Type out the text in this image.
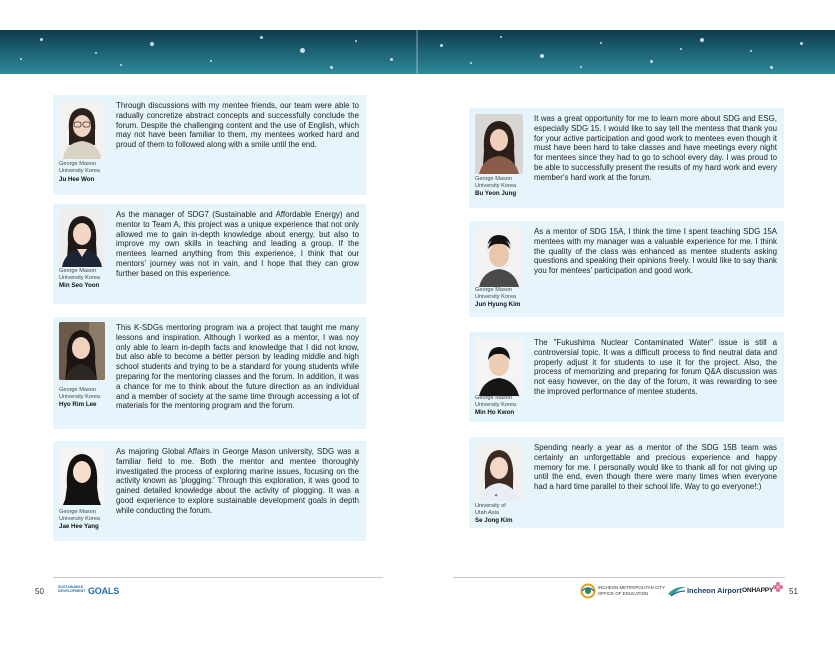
George Mason University Korea
Ju Hee Won
Through discussions with my mentee friends, our team were able to radually concretize abstract concepts and successfully conclude the forum. Despite the challenging content and the use of English, which may not have been familiar to them, my mentees worked hard and proud of them to followed along with a smile until the end.
George Mason University Korea
Min Seo Yoon
As the manager of SDG7 (Sustainable and Affordable Energy) and mentor to Team A, this project was a unique experience that not only allowed me to gain in-depth knowledge about energy, but also to improve my own skills in teaching and leading a group. If the mentees learned anything from this experience, I think that our mentors' journey was not in vain, and I hope that they can grow further based on this experience.
George Mason University Korea
Hyo Rim Lee
This K-SDGs mentoring program wa a project that taught me many lessons and inspiration. Although I worked as a mentor, I was noy only able to learn in-depth facts and knowledge that I did not know, but also able to become a better person by leading middle and high school students and trying to be a standard for young students while preparing for the mentoring classes and the forum. In addition, it was a chance for me to think about the future direction as an individual and a member of society at the same time through accessing a lot of materials for the mentoring program and the forum.
George Mason University Korea
Jae Hee Yang
As majoring Global Affairs in George Mason university, SDG was a familiar field to me. Both the mentor and mentee thoroughly investigated the process of exploring marine issues, focusing on the activity known as 'plogging.' Through this exploration, it was good to gained detailed knowledge about the activity of plogging. It was a good experience to explore sustainable development goals in depth while conducting the forum.
George Mason University Korea
Bu Yeon Jung
It was a great opportunity for me to learn more about SDG and ESG, especially SDG 15. I would like to say tell the mentess that thank you for your active participation and good work to mentees even though it must have been hard to take classes and have meetings every night for mentees since they had to go to school every day. I was proud to be able to successfully present the results of my hard work and every member's hard work at the forum.
George Mason University Korea
Jun Hyung Kim
As a mentor of SDG 15A, I think the time I spent teaching SDG 15A mentees with my manager was a valuable experience for me. I think the quality of the class was enhanced as mentee students asking questions and speaking their opinions freely. I would like to say thank you for mentees' participation and good work.
George Mason University Korea
Min Ho Kwon
The "Fukushima Nuclear Contaminated Water" issue is still a controversial topic. It was a difficult process to find neutral data and properly adjust it for students to use it for the project. Also, the process of memorizing and preparing for forum Q&A discussion was not easy however, on the day of the forum, it was rewarding to see the improved performance of mentee students.
✦
University of Utah Asia
Se Jong Kim
Spending nearly a year as a mentor of the SDG 15B team was certainly an unforgettable and precious experience and happy memory for me. I personally would like to thank all for not giving up until the end, even though there were many times when everyone had a hard time parallel to their school life. Way to go everyone!:)
50	51
SUSTAINABLE DEVELOPMENT GOALS	INCHEON METROPOLITAN CITY
OFFICE OF EDUCATION	Incheon Airport ONHAPPY
